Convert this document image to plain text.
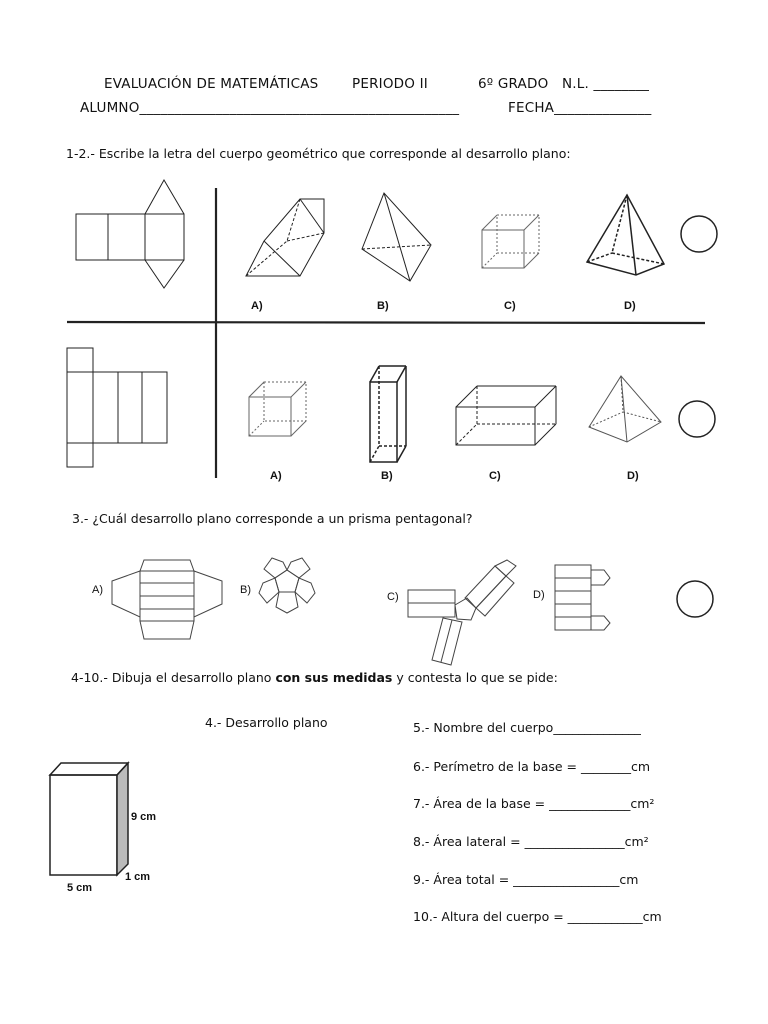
EVALUACIÓN DE MATEMÁTICAS PERIODO II	6º GRADO N.L. ________
ALUMNO______________________________________________	FECHA______________
1-2.- Escribe la letra del cuerpo geométrico que corresponde al desarrollo plano:
A)	B)	C)	D)
A)	B)	C)	D)
3.- ¿Cuál desarrollo plano corresponde a un prisma pentagonal?
A)	B)
C)	D)
4-10.- Dibuja el desarrollo plano con sus medidas y contesta lo que se pide:
4.- Desarrollo plano	5.- Nombre del cuerpo______________
6.- Perímetro de la base = ________cm
7.- Área de la base = _____________cm²
8.- Área lateral = ________________cm²
9.- Área total = _________________cm
10.- Altura del cuerpo = ____________cm
9 cm
1 cm
5 cm
